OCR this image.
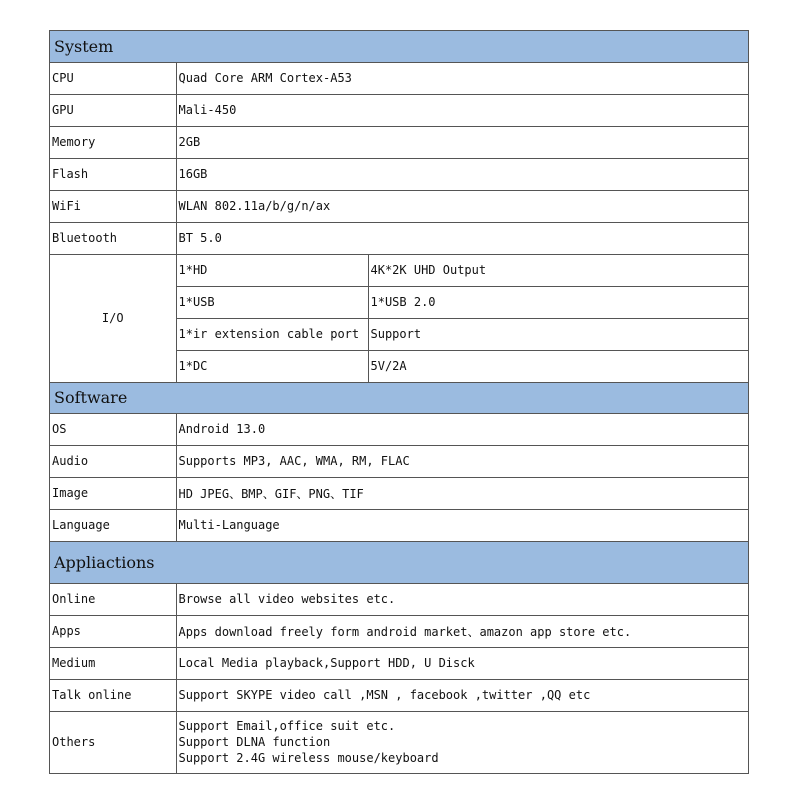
System		
CPU	Quad Core ARM Cortex-A53	
GPU	Mali-450	
Memory	2GB	
Flash	16GB	
WiFi	WLAN 802.11a/b/g/n/ax	
Bluetooth	BT 5.0	
I/O	1*HD	4K*2K UHD Output
	1*USB	1*USB 2.0
	1*ir extension cable port	Support
	1*DC	5V/2A
Software		
OS	Android 13.0	
Audio	Supports MP3, AAC, WMA, RM, FLAC	
Image	HD JPEG、BMP、GIF、PNG、TIF	
Language	Multi-Language	
Appliactions		
Online	Browse all video websites etc.	
Apps	Apps download freely form android market、amazon app store etc.	
Medium	Local Media playback,Support HDD, U Disck	
Talk online	Support SKYPE video call ,MSN , facebook ,twitter ,QQ etc	
Others	Support Email,office suit etc.
Support DLNA function
Support 2.4G wireless mouse/keyboard	
